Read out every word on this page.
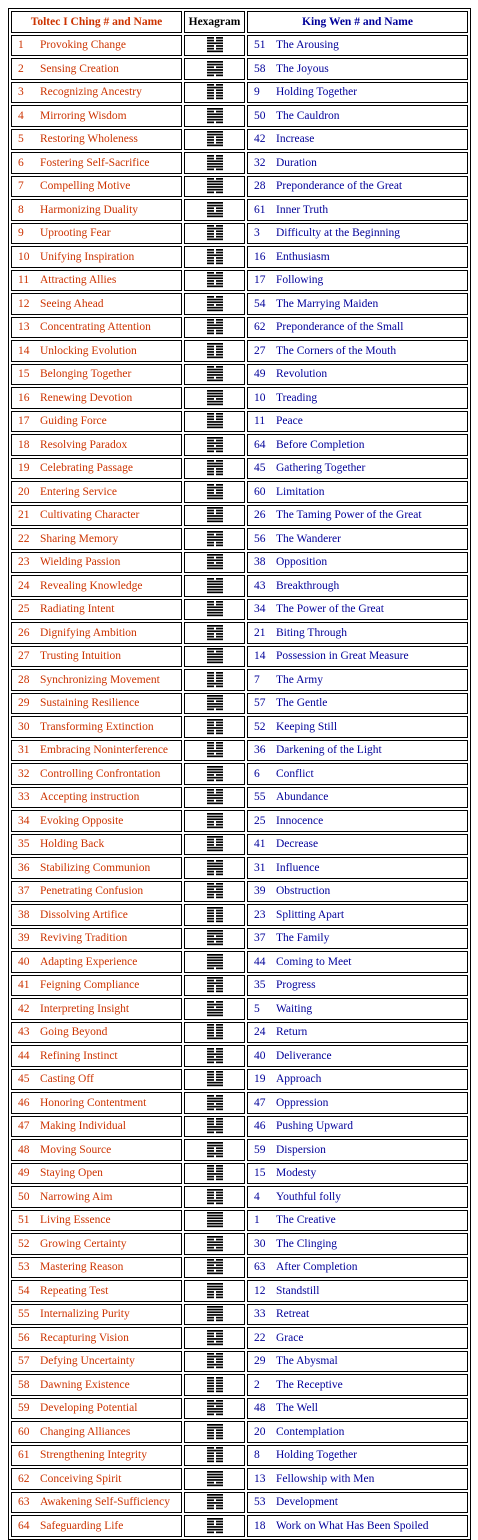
Toltec I Ching # and Name	Hexagram	King Wen # and Name
1 Provoking Change		51 The Arousing
2 Sensing Creation		58 The Joyous
3 Recognizing Ancestry		9 Holding Together
4 Mirroring Wisdom		50 The Cauldron
5 Restoring Wholeness		42 Increase
6 Fostering Self-Sacrifice		32 Duration
7 Compelling Motive		28 Preponderance of the Great
8 Harmonizing Duality		61 Inner Truth
9 Uprooting Fear		3 Difficulty at the Beginning
10 Unifying Inspiration		16 Enthusiasm
11 Attracting Allies		17 Following
12 Seeing Ahead		54 The Marrying Maiden
13 Concentrating Attention		62 Preponderance of the Small
14 Unlocking Evolution		27 The Corners of the Mouth
15 Belonging Together		49 Revolution
16 Renewing Devotion		10 Treading
17 Guiding Force		11 Peace
18 Resolving Paradox		64 Before Completion
19 Celebrating Passage		45 Gathering Together
20 Entering Service		60 Limitation
21 Cultivating Character		26 The Taming Power of the Great
22 Sharing Memory		56 The Wanderer
23 Wielding Passion		38 Opposition
24 Revealing Knowledge		43 Breakthrough
25 Radiating Intent		34 The Power of the Great
26 Dignifying Ambition		21 Biting Through
27 Trusting Intuition		14 Possession in Great Measure
28 Synchronizing Movement		7 The Army
29 Sustaining Resilience		57 The Gentle
30 Transforming Extinction		52 Keeping Still
31 Embracing Noninterference		36 Darkening of the Light
32 Controlling Confrontation		6 Conflict
33 Accepting instruction		55 Abundance
34 Evoking Opposite		25 Innocence
35 Holding Back		41 Decrease
36 Stabilizing Communion		31 Influence
37 Penetrating Confusion		39 Obstruction
38 Dissolving Artifice		23 Splitting Apart
39 Reviving Tradition		37 The Family
40 Adapting Experience		44 Coming to Meet
41 Feigning Compliance		35 Progress
42 Interpreting Insight		5 Waiting
43 Going Beyond		24 Return
44 Refining Instinct		40 Deliverance
45 Casting Off		19 Approach
46 Honoring Contentment		47 Oppression
47 Making Individual		46 Pushing Upward
48 Moving Source		59 Dispersion
49 Staying Open		15 Modesty
50 Narrowing Aim		4 Youthful folly
51 Living Essence		1 The Creative
52 Growing Certainty		30 The Clinging
53 Mastering Reason		63 After Completion
54 Repeating Test		12 Standstill
55 Internalizing Purity		33 Retreat
56 Recapturing Vision		22 Grace
57 Defying Uncertainty		29 The Abysmal
58 Dawning Existence		2 The Receptive
59 Developing Potential		48 The Well
60 Changing Alliances		20 Contemplation
61 Strengthening Integrity		8 Holding Together
62 Conceiving Spirit		13 Fellowship with Men
63 Awakening Self-Sufficiency		53 Development
64 Safeguarding Life		18 Work on What Has Been Spoiled
